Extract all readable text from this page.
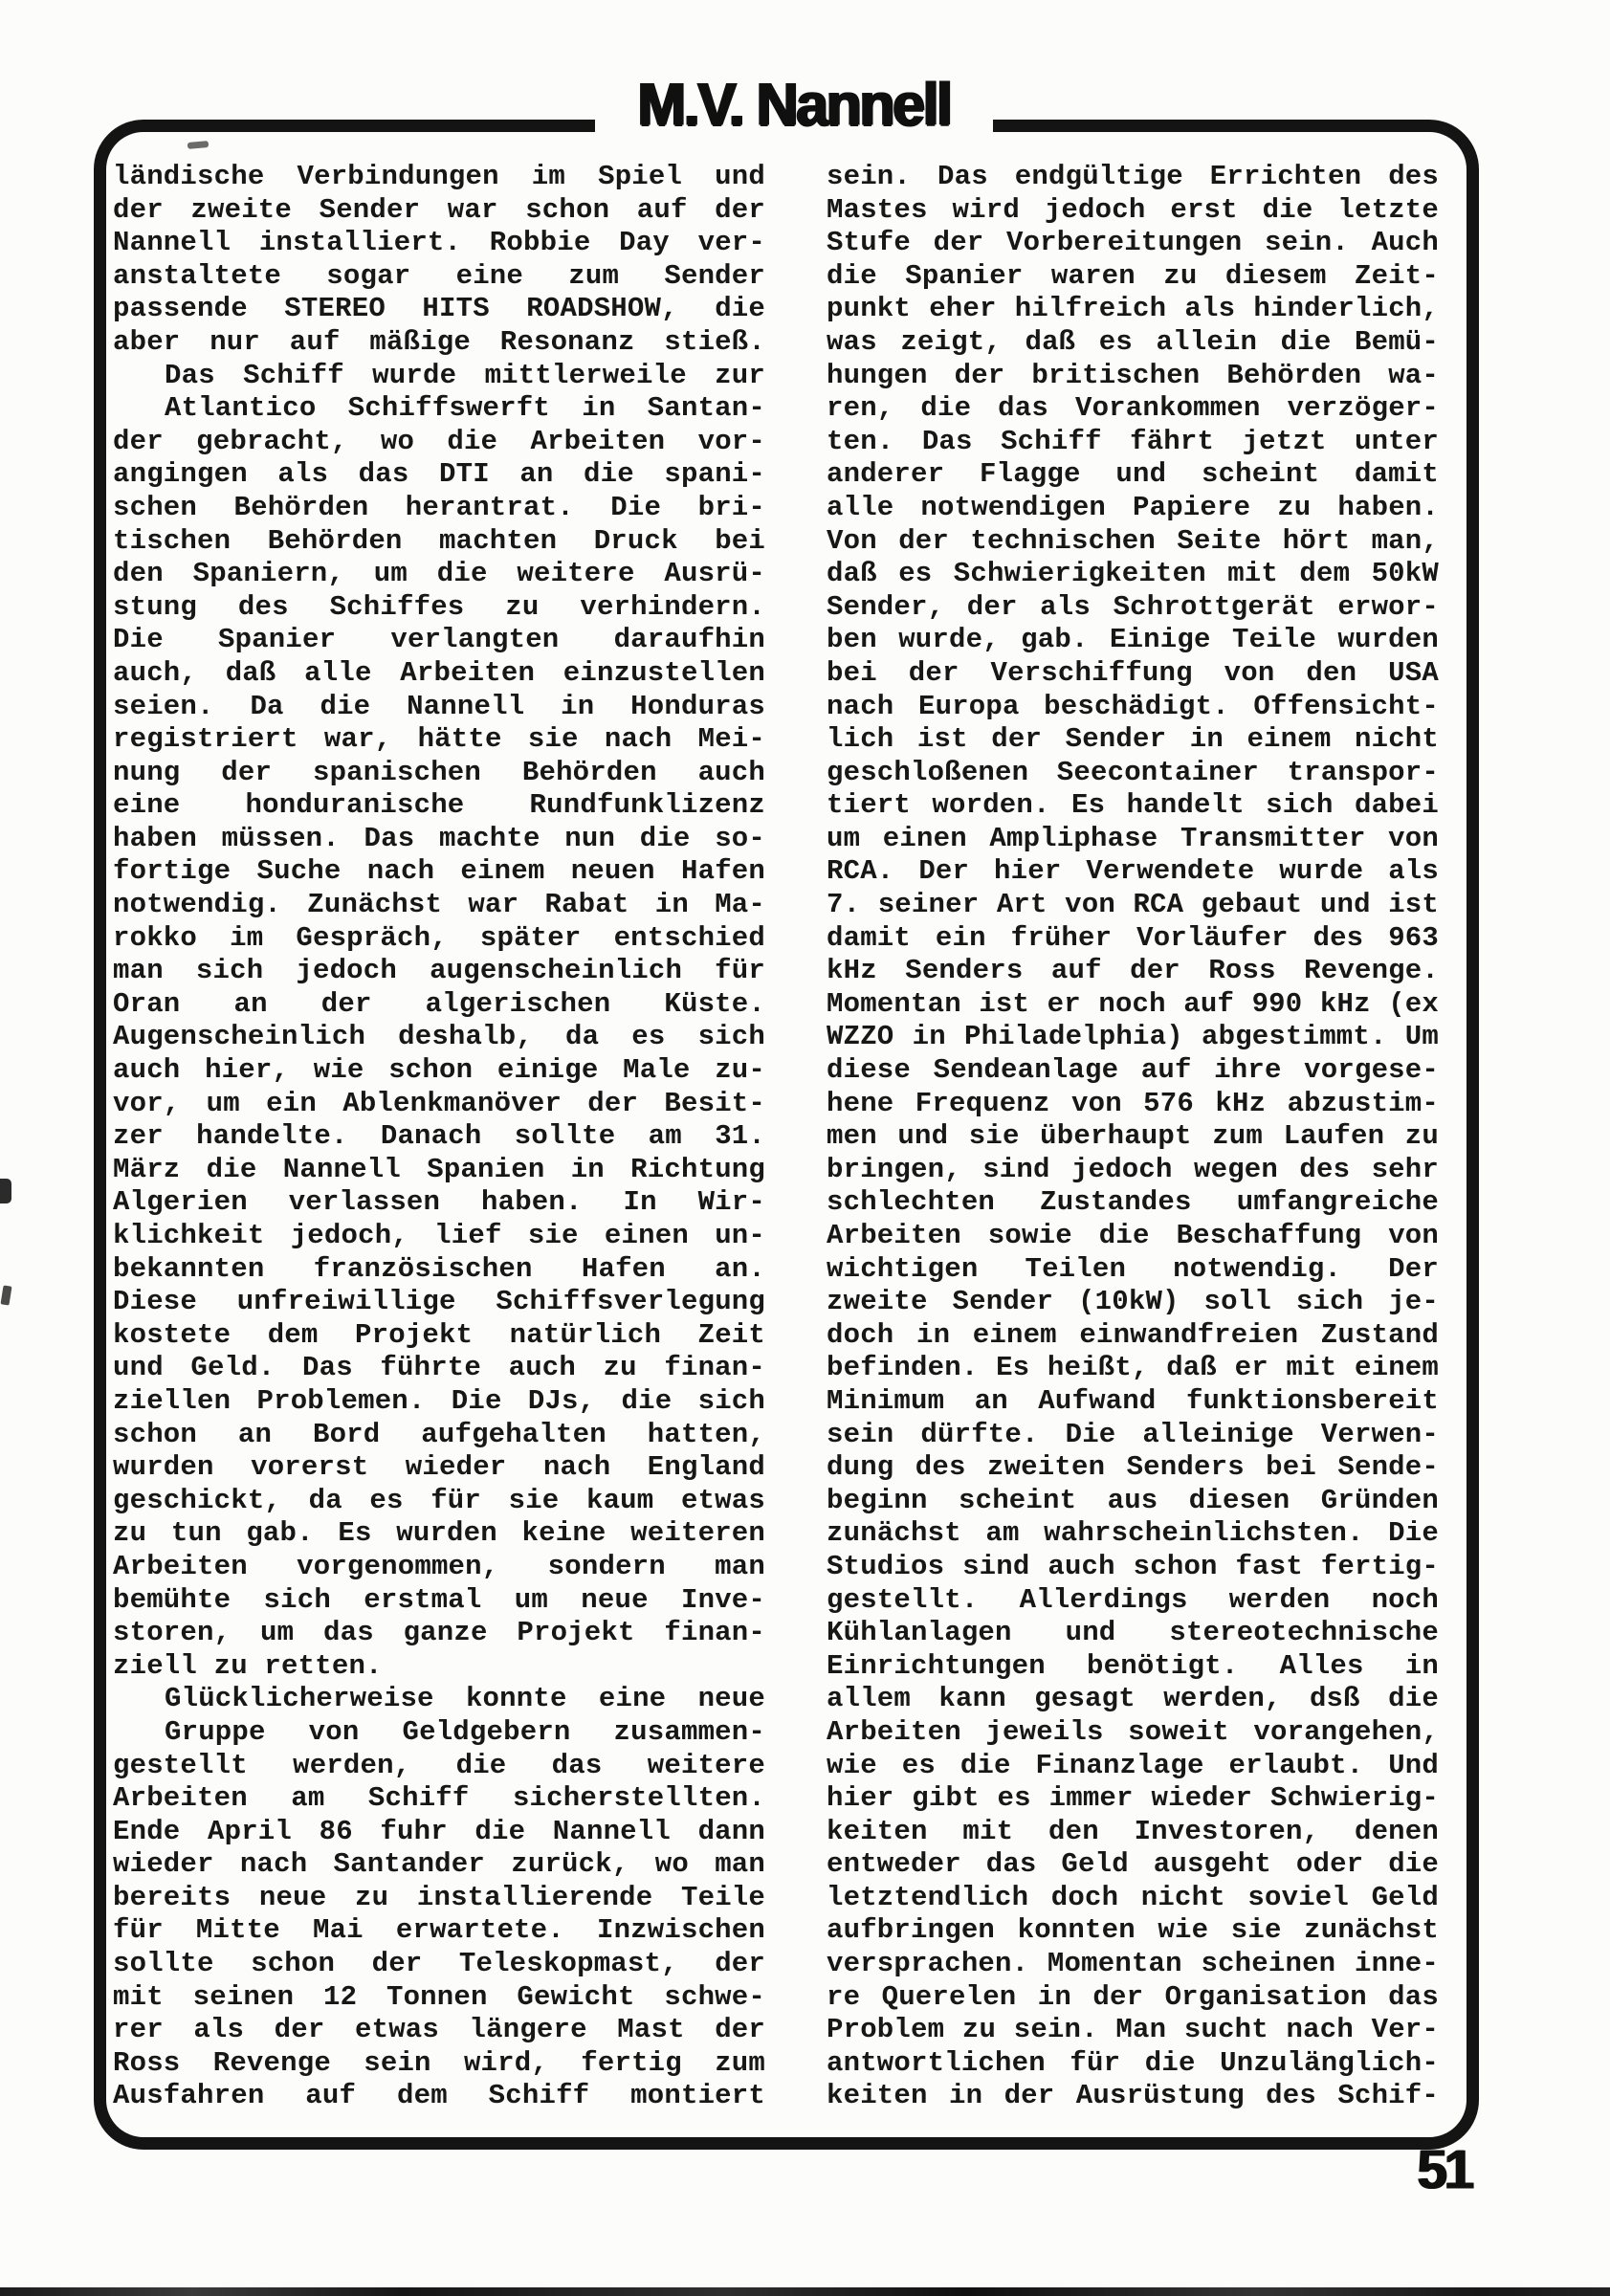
M.V. Nannell
ländische Verbindungen im Spiel und
der zweite Sender war schon auf der
Nannell installiert. Robbie Day ver-
anstaltete sogar eine zum Sender
passende STEREO HITS ROADSHOW, die
aber nur auf mäßige Resonanz stieß.
Das Schiff wurde mittlerweile zur
Atlantico Schiffswerft in Santan-
der gebracht, wo die Arbeiten vor-
angingen als das DTI an die spani-
schen Behörden herantrat. Die bri-
tischen Behörden machten Druck bei
den Spaniern, um die weitere Ausrü-
stung des Schiffes zu verhindern.
Die Spanier verlangten daraufhin
auch, daß alle Arbeiten einzustellen
seien. Da die Nannell in Honduras
registriert war, hätte sie nach Mei-
nung der spanischen Behörden auch
eine honduranische Rundfunklizenz
haben müssen. Das machte nun die so-
fortige Suche nach einem neuen Hafen
notwendig. Zunächst war Rabat in Ma-
rokko im Gespräch, später entschied
man sich jedoch augenscheinlich für
Oran an der algerischen Küste.
Augenscheinlich deshalb, da es sich
auch hier, wie schon einige Male zu-
vor, um ein Ablenkmanöver der Besit-
zer handelte. Danach sollte am 31.
März die Nannell Spanien in Richtung
Algerien verlassen haben. In Wir-
klichkeit jedoch, lief sie einen un-
bekannten französischen Hafen an.
Diese unfreiwillige Schiffsverlegung
kostete dem Projekt natürlich Zeit
und Geld. Das führte auch zu finan-
ziellen Problemen. Die DJs, die sich
schon an Bord aufgehalten hatten,
wurden vorerst wieder nach England
geschickt, da es für sie kaum etwas
zu tun gab. Es wurden keine weiteren
Arbeiten vorgenommen, sondern man
bemühte sich erstmal um neue Inve-
storen, um das ganze Projekt finan-
ziell zu retten.
Glücklicherweise konnte eine neue
Gruppe von Geldgebern zusammen-
gestellt werden, die das weitere
Arbeiten am Schiff sicherstellten.
Ende April 86 fuhr die Nannell dann
wieder nach Santander zurück, wo man
bereits neue zu installierende Teile
für Mitte Mai erwartete. Inzwischen
sollte schon der Teleskopmast, der
mit seinen 12 Tonnen Gewicht schwe-
rer als der etwas längere Mast der
Ross Revenge sein wird, fertig zum
Ausfahren auf dem Schiff montiert
sein. Das endgültige Errichten des
Mastes wird jedoch erst die letzte
Stufe der Vorbereitungen sein. Auch
die Spanier waren zu diesem Zeit-
punkt eher hilfreich als hinderlich,
was zeigt, daß es allein die Bemü-
hungen der britischen Behörden wa-
ren, die das Vorankommen verzöger-
ten. Das Schiff fährt jetzt unter
anderer Flagge und scheint damit
alle notwendigen Papiere zu haben.
Von der technischen Seite hört man,
daß es Schwierigkeiten mit dem 50kW
Sender, der als Schrottgerät erwor-
ben wurde, gab. Einige Teile wurden
bei der Verschiffung von den USA
nach Europa beschädigt. Offensicht-
lich ist der Sender in einem nicht
geschloßenen Seecontainer transpor-
tiert worden. Es handelt sich dabei
um einen Ampliphase Transmitter von
RCA. Der hier Verwendete wurde als
7. seiner Art von RCA gebaut und ist
damit ein früher Vorläufer des 963
kHz Senders auf der Ross Revenge.
Momentan ist er noch auf 990 kHz (ex
WZZO in Philadelphia) abgestimmt. Um
diese Sendeanlage auf ihre vorgese-
hene Frequenz von 576 kHz abzustim-
men und sie überhaupt zum Laufen zu
bringen, sind jedoch wegen des sehr
schlechten Zustandes umfangreiche
Arbeiten sowie die Beschaffung von
wichtigen Teilen notwendig. Der
zweite Sender (10kW) soll sich je-
doch in einem einwandfreien Zustand
befinden. Es heißt, daß er mit einem
Minimum an Aufwand funktionsbereit
sein dürfte. Die alleinige Verwen-
dung des zweiten Senders bei Sende-
beginn scheint aus diesen Gründen
zunächst am wahrscheinlichsten. Die
Studios sind auch schon fast fertig-
gestellt. Allerdings werden noch
Kühlanlagen und stereotechnische
Einrichtungen benötigt. Alles in
allem kann gesagt werden, dsß die
Arbeiten jeweils soweit vorangehen,
wie es die Finanzlage erlaubt. Und
hier gibt es immer wieder Schwierig-
keiten mit den Investoren, denen
entweder das Geld ausgeht oder die
letztendlich doch nicht soviel Geld
aufbringen konnten wie sie zunächst
versprachen. Momentan scheinen inne-
re Querelen in der Organisation das
Problem zu sein. Man sucht nach Ver-
antwortlichen für die Unzulänglich-
keiten in der Ausrüstung des Schif-
51
